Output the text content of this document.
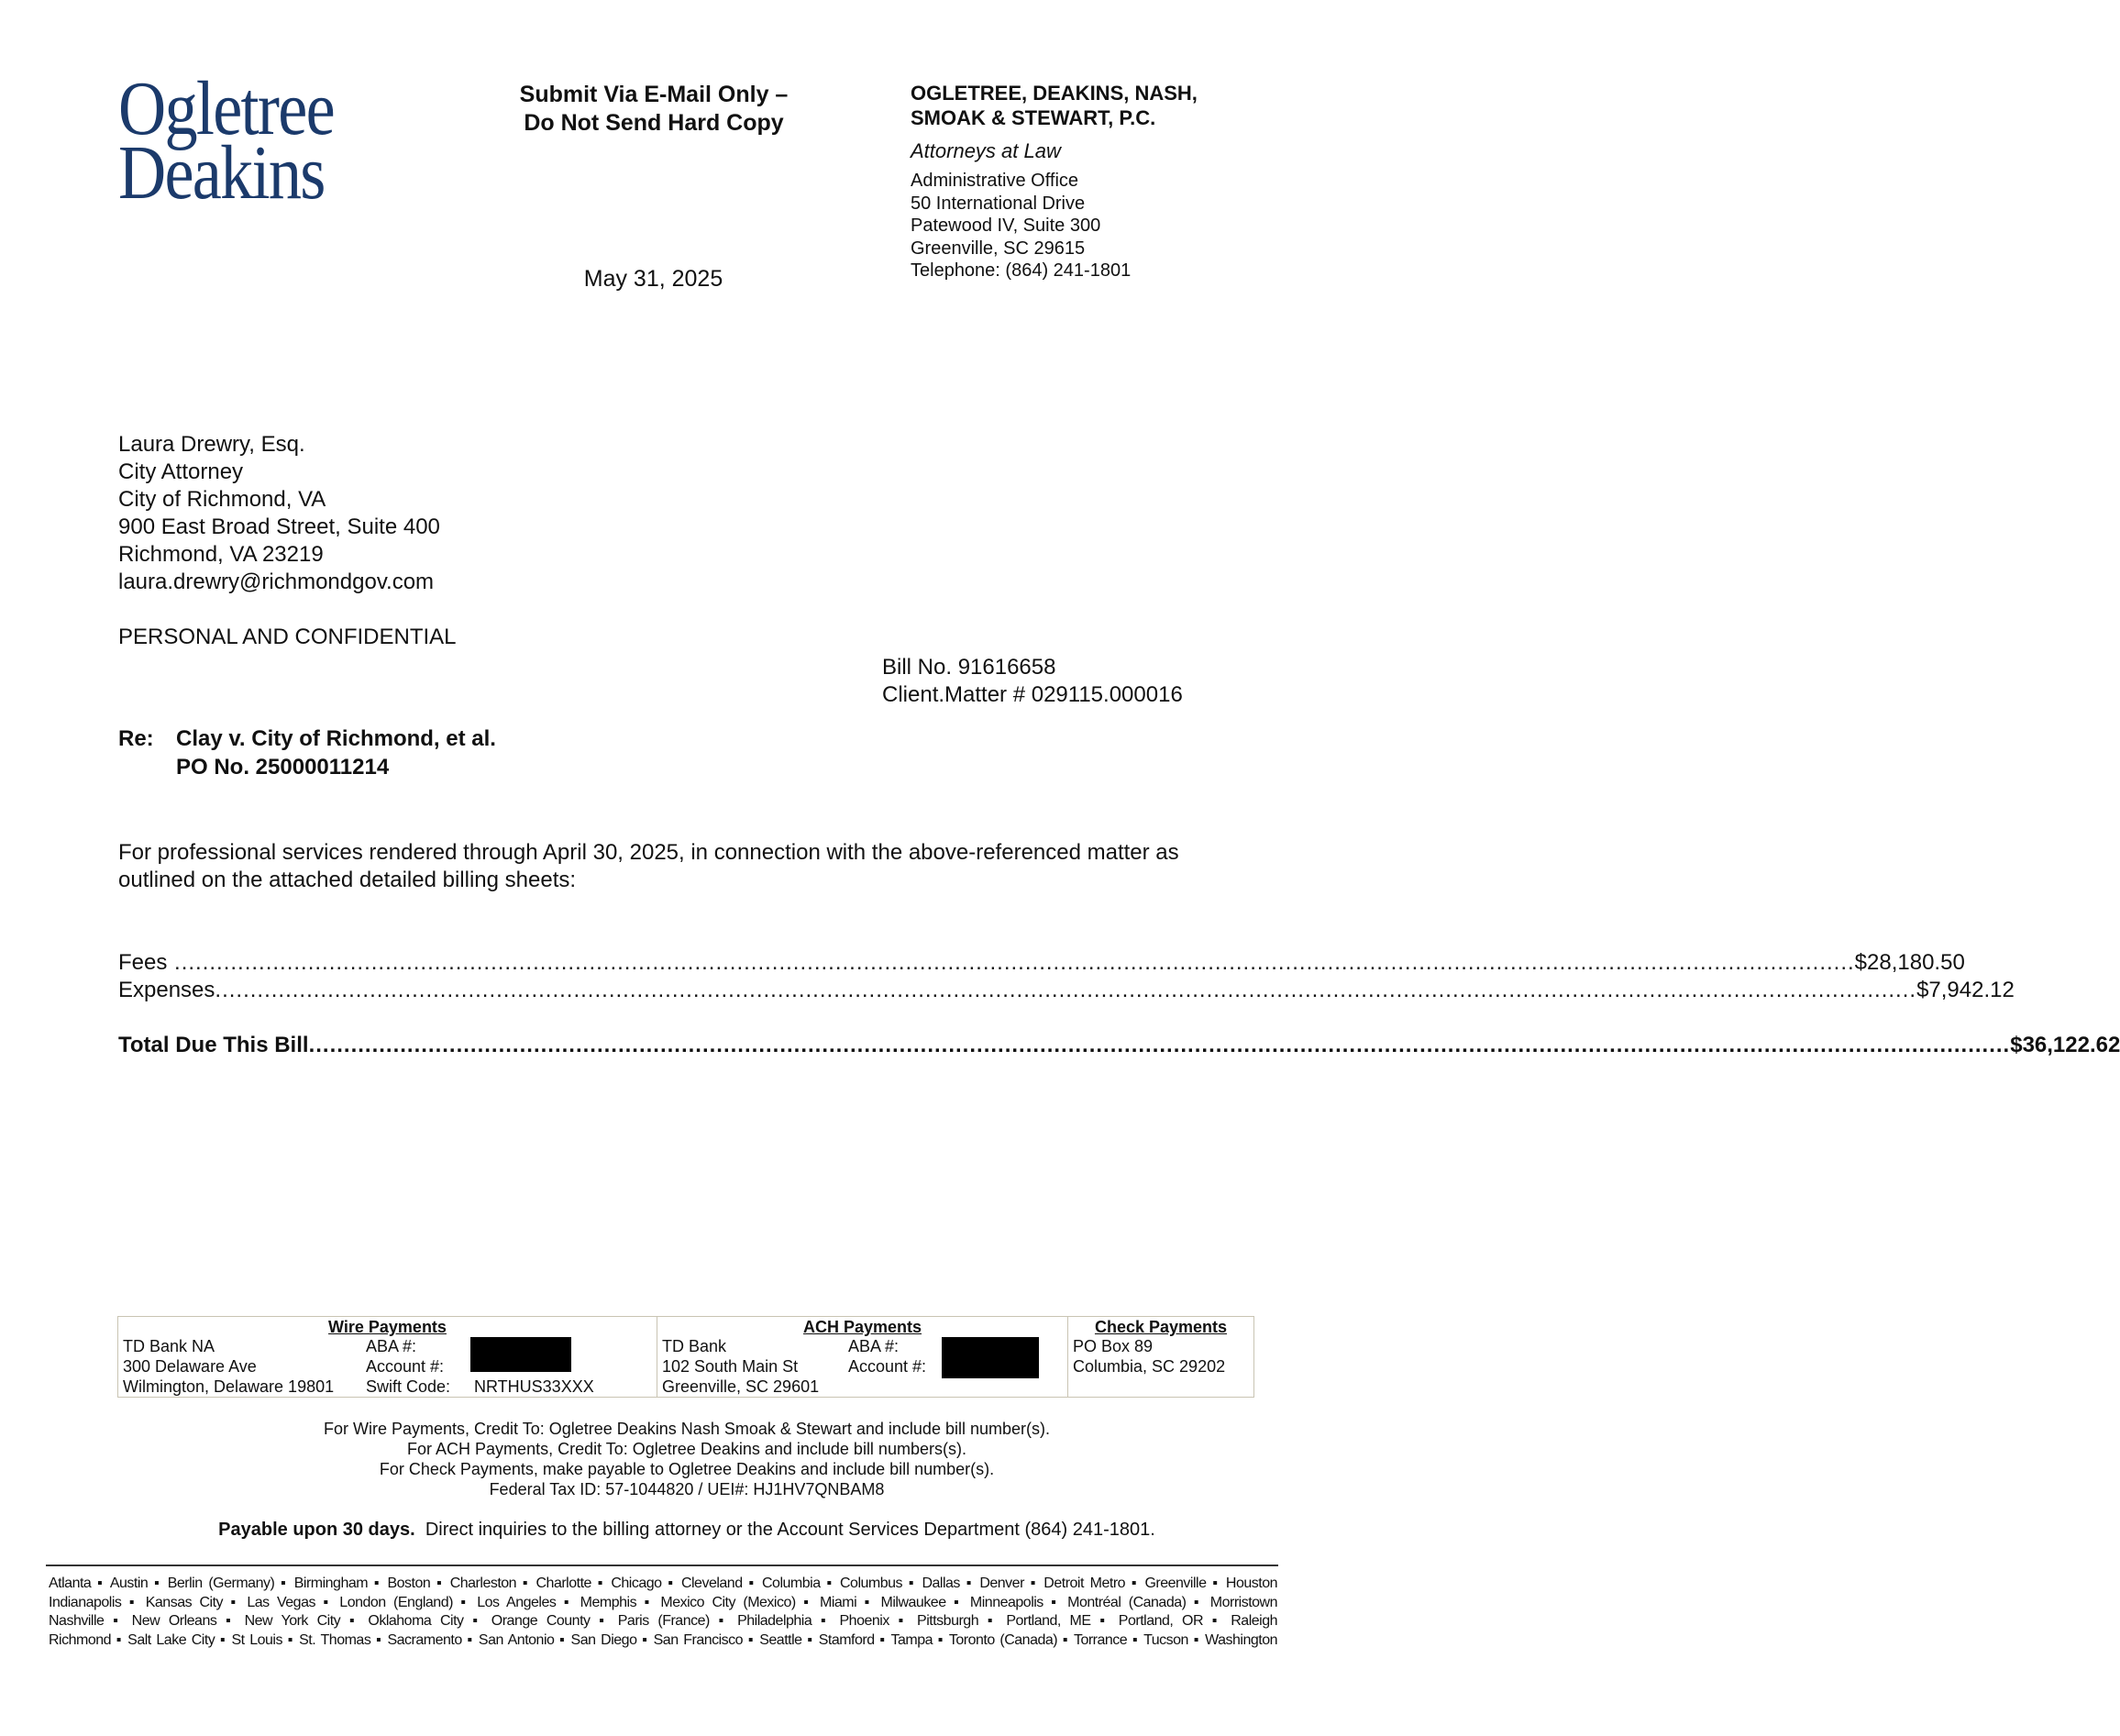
Ogletree
Deakins
Submit Via E-Mail Only –
Do Not Send Hard Copy
OGLETREE, DEAKINS, NASH,
SMOAK & STEWART, P.C.
Attorneys at Law
Administrative Office
50 International Drive
Patewood IV, Suite 300
Greenville, SC 29615
Telephone: (864) 241-1801
May 31, 2025
Laura Drewry, Esq.
City Attorney
City of Richmond, VA
900 East Broad Street, Suite 400
Richmond, VA 23219
laura.drewry@richmondgov.com
PERSONAL AND CONFIDENTIAL
Bill No. 91616658
Client.Matter # 029115.000016
Re: Clay v. City of Richmond, et al.
PO No. 25000011214
For professional services rendered through April 30, 2025, in connection with the above-referenced matter as outlined on the attached detailed billing sheets:
Fees ............................................................................................................................................................................................................................................... $28,180.50
Expenses .................................................................................................................................................................................................................................................. $7,942.12
Total Due This Bill .................................................................................................................................................................................................................................................. $36,122.62
Wire Payments
TD Bank NA
300 Delaware Ave
Wilmington, Delaware 19801
ABA #:
Account #:
Swift Code: NRTHUS33XXX
ACH Payments
TD Bank
102 South Main St
Greenville, SC 29601
ABA #:
Account #:
Check Payments
PO Box 89
Columbia, SC 29202
For Wire Payments, Credit To: Ogletree Deakins Nash Smoak & Stewart and include bill number(s).
For ACH Payments, Credit To: Ogletree Deakins and include bill numbers(s).
For Check Payments, make payable to Ogletree Deakins and include bill number(s).
Federal Tax ID: 57-1044820 / UEI#: HJ1HV7QNBAM8
Payable upon 30 days. Direct inquiries to the billing attorney or the Account Services Department (864) 241-1801.
Atlanta ▪ Austin ▪ Berlin (Germany) ▪ Birmingham ▪ Boston ▪ Charleston ▪ Charlotte ▪ Chicago ▪ Cleveland ▪ Columbia ▪ Columbus ▪ Dallas ▪ Denver ▪ Detroit Metro ▪ Greenville ▪ Houston
Indianapolis ▪ Kansas City ▪ Las Vegas ▪ London (England) ▪ Los Angeles ▪ Memphis ▪ Mexico City (Mexico) ▪ Miami ▪ Milwaukee ▪ Minneapolis ▪ Montréal (Canada) ▪ Morristown
Nashville ▪ New Orleans ▪ New York City ▪ Oklahoma City ▪ Orange County ▪ Paris (France) ▪ Philadelphia ▪ Phoenix ▪ Pittsburgh ▪ Portland, ME ▪ Portland, OR ▪ Raleigh
Richmond ▪ Salt Lake City ▪ St Louis ▪ St. Thomas ▪ Sacramento ▪ San Antonio ▪ San Diego ▪ San Francisco ▪ Seattle ▪ Stamford ▪ Tampa ▪ Toronto (Canada) ▪ Torrance ▪ Tucson ▪ Washington
